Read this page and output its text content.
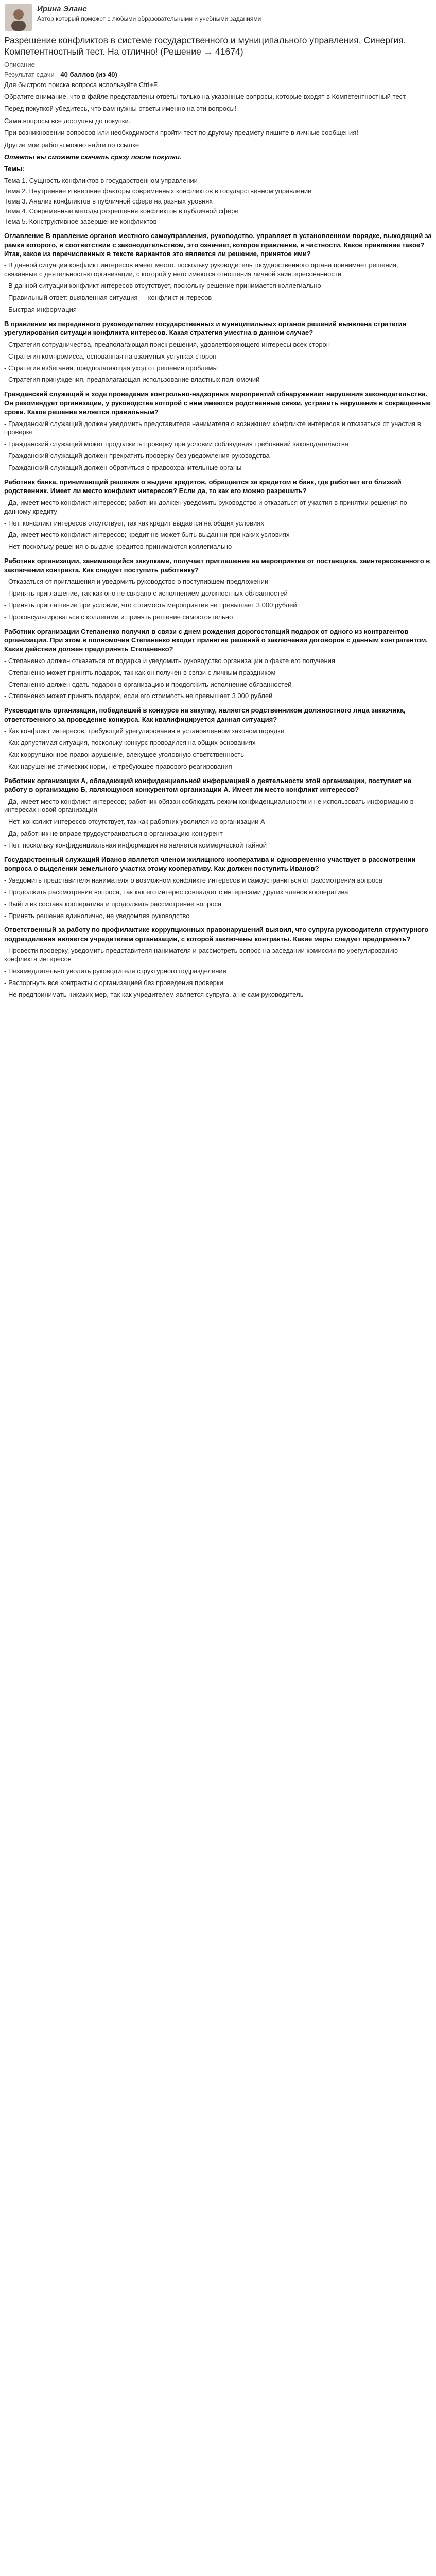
Ирина Эланс
Автор который поможет с любыми образовательными и учебными заданиями
Разрешение конфликтов в системе государственного и муниципального управления. Синергия. Компетентностный тест. На отлично! (Решение → 41674)
Описание
Результат сдачи - 40 баллов (из 40)

Для быстрого поиска вопроса используйте Ctrl+F.

Обратите внимание, что в файле представлены ответы только на указанные вопросы, которые входят в Компетентностный тест.

Перед покупкой убедитесь, что вам нужны ответы именно на эти вопросы!

Сами вопросы все доступны до покупки.

При возникновении вопросов или необходимости пройти тест по другому предмету пишите в личные сообщения!

Другие мои работы можно найти по ссылке

Ответы вы сможете скачать сразу после покупки.

Темы:

Тема 1. Сущность конфликтов в государственном управлении

Тема 2. Внутренние и внешние факторы современных конфликтов в государственном управлении

Тема 3. Анализ конфликтов в публичной сфере на разных уровнях

Тема 4. Современные методы разрешения конфликтов в публичной сфере

Тема 5. Конструктивное завершение конфликтов

Оглавление В правление органов местного самоуправления, руководство, управляет в установленном порядке, выходящий за рамки которого, в соответствии с законодательством, это означает, которое правление, в частности. Какое правление такое? Итак, какое из перечисленных в тексте вариантов это является ли решение, принятое ими?

- В данной ситуации конфликт интересов имеет место, поскольку руководитель государственного органа принимает решения, связанные с деятельностью организации, с которой у него имеются отношения личной заинтересованности

- В данной ситуации конфликт интересов отсутствует, поскольку решение принимается коллегиально

- Правильный ответ: выявленная ситуация — конфликт интересов

- Быстрая информация

В правлении из переданного руководителям государственных и муниципальных органов решений выявлена стратегия урегулирования ситуации конфликта интересов. Какая стратегия уместна в данном случае?

- Стратегия сотрудничества, предполагающая поиск решения, удовлетворяющего интересы всех сторон

- Стратегия компромисса, основанная на взаимных уступках сторон

- Стратегия избегания, предполагающая уход от решения проблемы

- Стратегия принуждения, предполагающая использование властных полномочий

Гражданский служащий в ходе проведения контрольно-надзорных мероприятий обнаруживает нарушения законодательства. Он рекомендует организации, у руководства которой с ним имеются родственные связи, устранить нарушения в сокращенные сроки. Какое решение является правильным?

- Гражданский служащий должен уведомить представителя нанимателя о возникшем конфликте интересов и отказаться от участия в проверке

- Гражданский служащий может продолжить проверку при условии соблюдения требований законодательства

- Гражданский служащий должен прекратить проверку без уведомления руководства

- Гражданский служащий должен обратиться в правоохранительные органы

Работник банка, принимающий решения о выдаче кредитов, обращается за кредитом в банк, где работает его близкий родственник. Имеет ли место конфликт интересов? Если да, то как его можно разрешить?

- Да, имеет место конфликт интересов; работник должен уведомить руководство и отказаться от участия в принятии решения по данному кредиту

- Нет, конфликт интересов отсутствует, так как кредит выдается на общих условиях

- Да, имеет место конфликт интересов; кредит не может быть выдан ни при каких условиях

- Нет, поскольку решения о выдаче кредитов принимаются коллегиально

Работник организации, занимающийся закупками, получает приглашение на мероприятие от поставщика, заинтересованного в заключении контракта. Как следует поступить работнику?

- Отказаться от приглашения и уведомить руководство о поступившем предложении

- Принять приглашение, так как оно не связано с исполнением должностных обязанностей

- Принять приглашение при условии, что стоимость мероприятия не превышает 3 000 рублей

- Проконсультироваться с коллегами и принять решение самостоятельно

Работник организации Степаненко получил в связи с днем рождения дорогостоящий подарок от одного из контрагентов организации. При этом в полномочия Степаненко входит принятие решений о заключении договоров с данным контрагентом. Какие действия должен предпринять Степаненко?

- Степаненко должен отказаться от подарка и уведомить руководство организации о факте его получения

- Степаненко может принять подарок, так как он получен в связи с личным праздником

- Степаненко должен сдать подарок в организацию и продолжить исполнение обязанностей

- Степаненко может принять подарок, если его стоимость не превышает 3 000 рублей

Руководитель организации, победившей в конкурсе на закупку, является родственником должностного лица заказчика, ответственного за проведение конкурса. Как квалифицируется данная ситуация?

- Как конфликт интересов, требующий урегулирования в установленном законом порядке

- Как допустимая ситуация, поскольку конкурс проводился на общих основаниях

- Как коррупционное правонарушение, влекущее уголовную ответственность

- Как нарушение этических норм, не требующее правового реагирования

Работник организации А, обладающий конфиденциальной информацией о деятельности этой организации, поступает на работу в организацию Б, являющуюся конкурентом организации А. Имеет ли место конфликт интересов?

- Да, имеет место конфликт интересов; работник обязан соблюдать режим конфиденциальности и не использовать информацию в интересах новой организации

- Нет, конфликт интересов отсутствует, так как работник уволился из организации А

- Да, работник не вправе трудоустраиваться в организацию-конкурент

- Нет, поскольку конфиденциальная информация не является коммерческой тайной

Государственный служащий Иванов является членом жилищного кооператива и одновременно участвует в рассмотрении вопроса о выделении земельного участка этому кооперативу. Как должен поступить Иванов?

- Уведомить представителя нанимателя о возможном конфликте интересов и самоустраниться от рассмотрения вопроса

- Продолжить рассмотрение вопроса, так как его интерес совпадает с интересами других членов кооператива

- Выйти из состава кооператива и продолжить рассмотрение вопроса

- Принять решение единолично, не уведомляя руководство

Ответственный за работу по профилактике коррупционных правонарушений выявил, что супруга руководителя структурного подразделения является учредителем организации, с которой заключены контракты. Какие меры следует предпринять?

- Провести проверку, уведомить представителя нанимателя и рассмотреть вопрос на заседании комиссии по урегулированию конфликта интересов

- Незамедлительно уволить руководителя структурного подразделения

- Расторгнуть все контракты с организацией без проведения проверки

- Не предпринимать никаких мер, так как учредителем является супруга, а не сам руководитель
